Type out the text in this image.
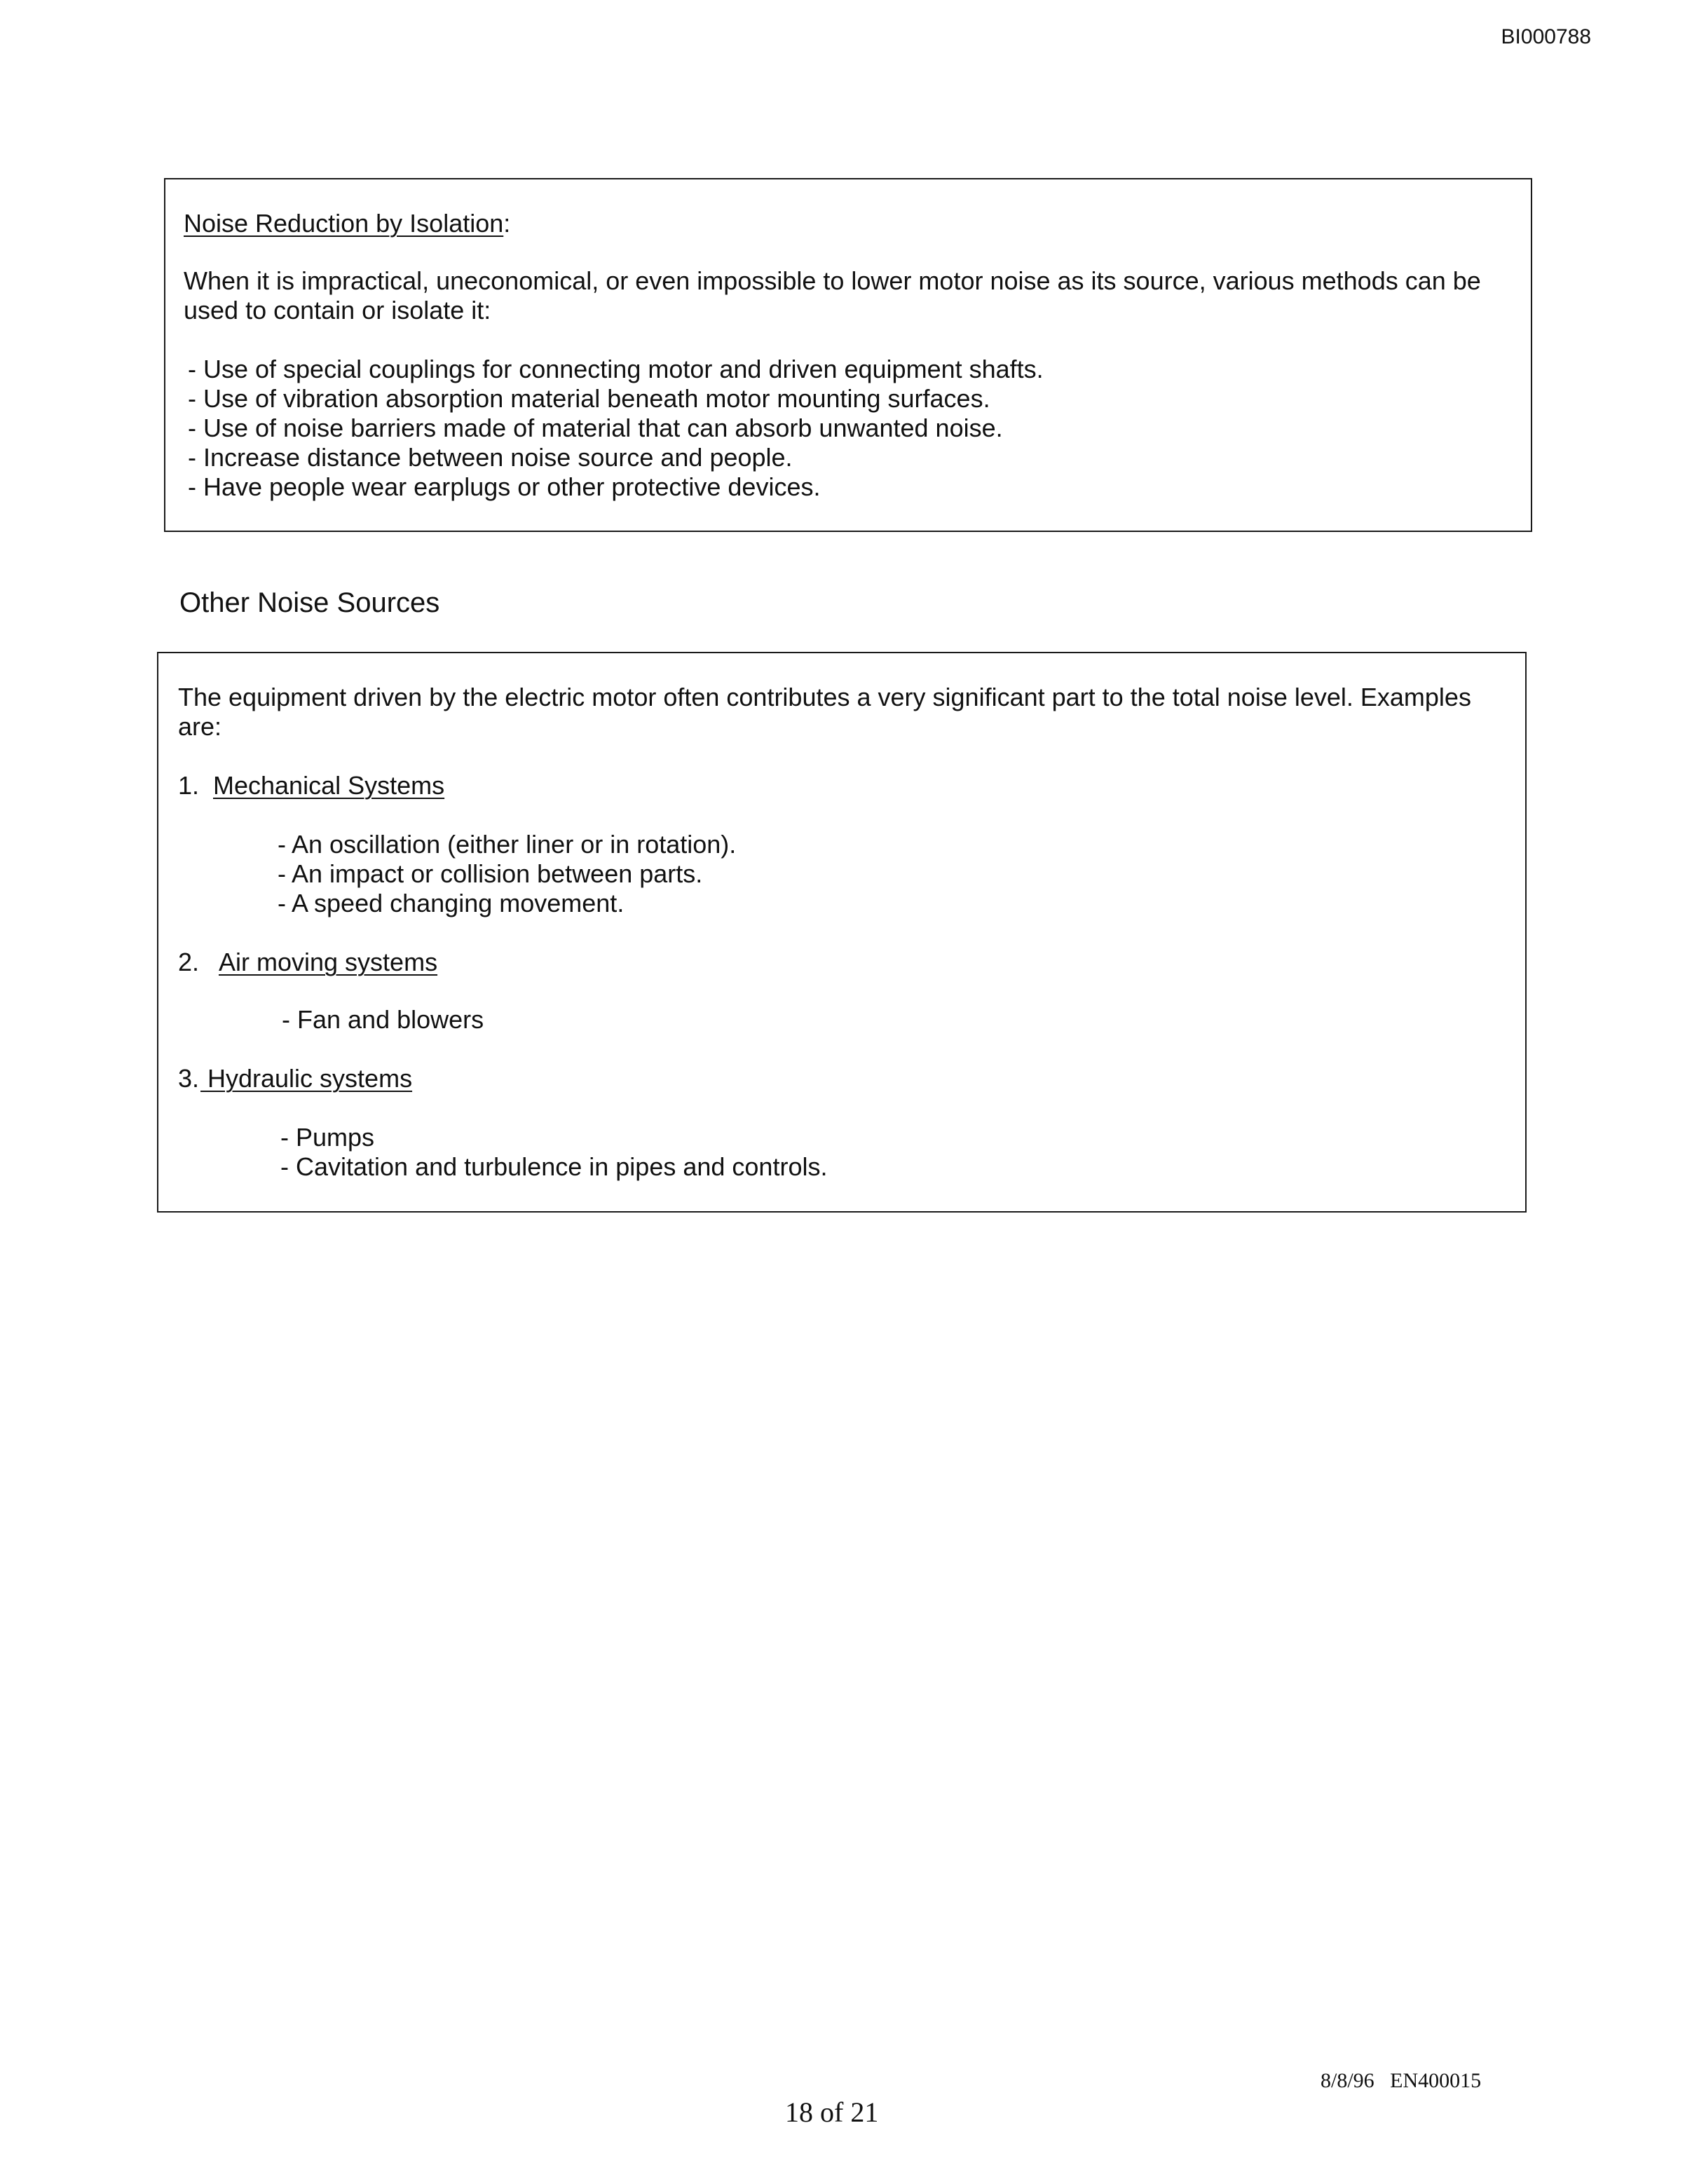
BI000788
Noise Reduction by Isolation:
When it is impractical, uneconomical, or even impossible to lower motor noise as its source, various methods can be
used to contain or isolate it:
- Use of special couplings for connecting motor and driven equipment shafts.
- Use of vibration absorption material beneath motor mounting surfaces.
- Use of noise barriers made of material that can absorb unwanted noise.
- Increase distance between noise source and people.
- Have people wear earplugs or other protective devices.
Other Noise Sources
The equipment driven by the electric motor often contributes a very significant part to the total noise level. Examples
are:
1. Mechanical Systems
- An oscillation (either liner or in rotation).
- An impact or collision between parts.
- A speed changing movement.
2. Air moving systems
- Fan and blowers
3. Hydraulic systems
- Pumps
- Cavitation and turbulence in pipes and controls.
8/8/96   EN400015
18 of 21
